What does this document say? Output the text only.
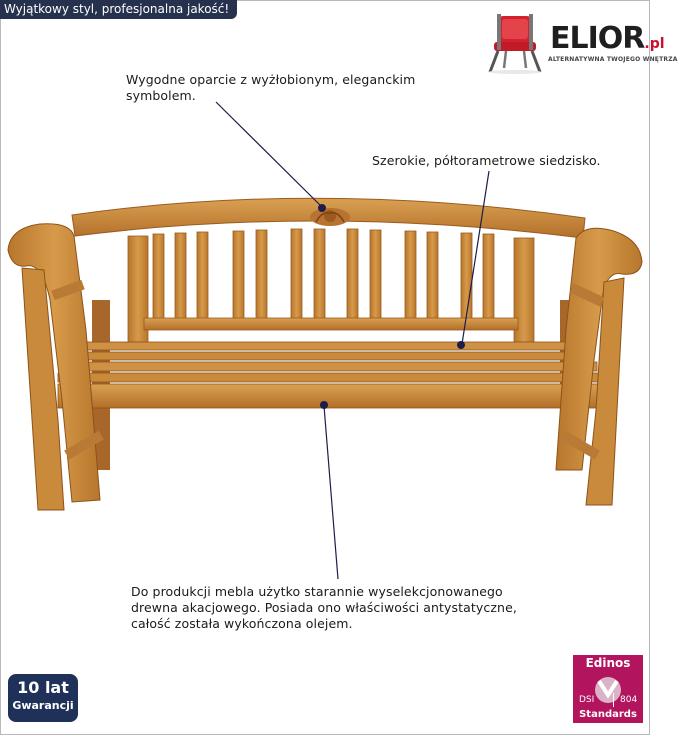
Wyjątkowy styl, profesjonalna jakość!
ELIOR.pl
ALTERNATYWNA TWOJEGO WNĘTRZA
Wygodne oparcie z wyżłobionym, eleganckim symbolem.
Szerokie, półtorametrowe siedzisko.
Do produkcji mebla użytko starannie wyselekcjonowanego drewna akacjowego. Posiada ono właściwości antystatyczne, całość została wykończona olejem.
10 lat
Gwarancji
Edinos
DSI	804
Standards
